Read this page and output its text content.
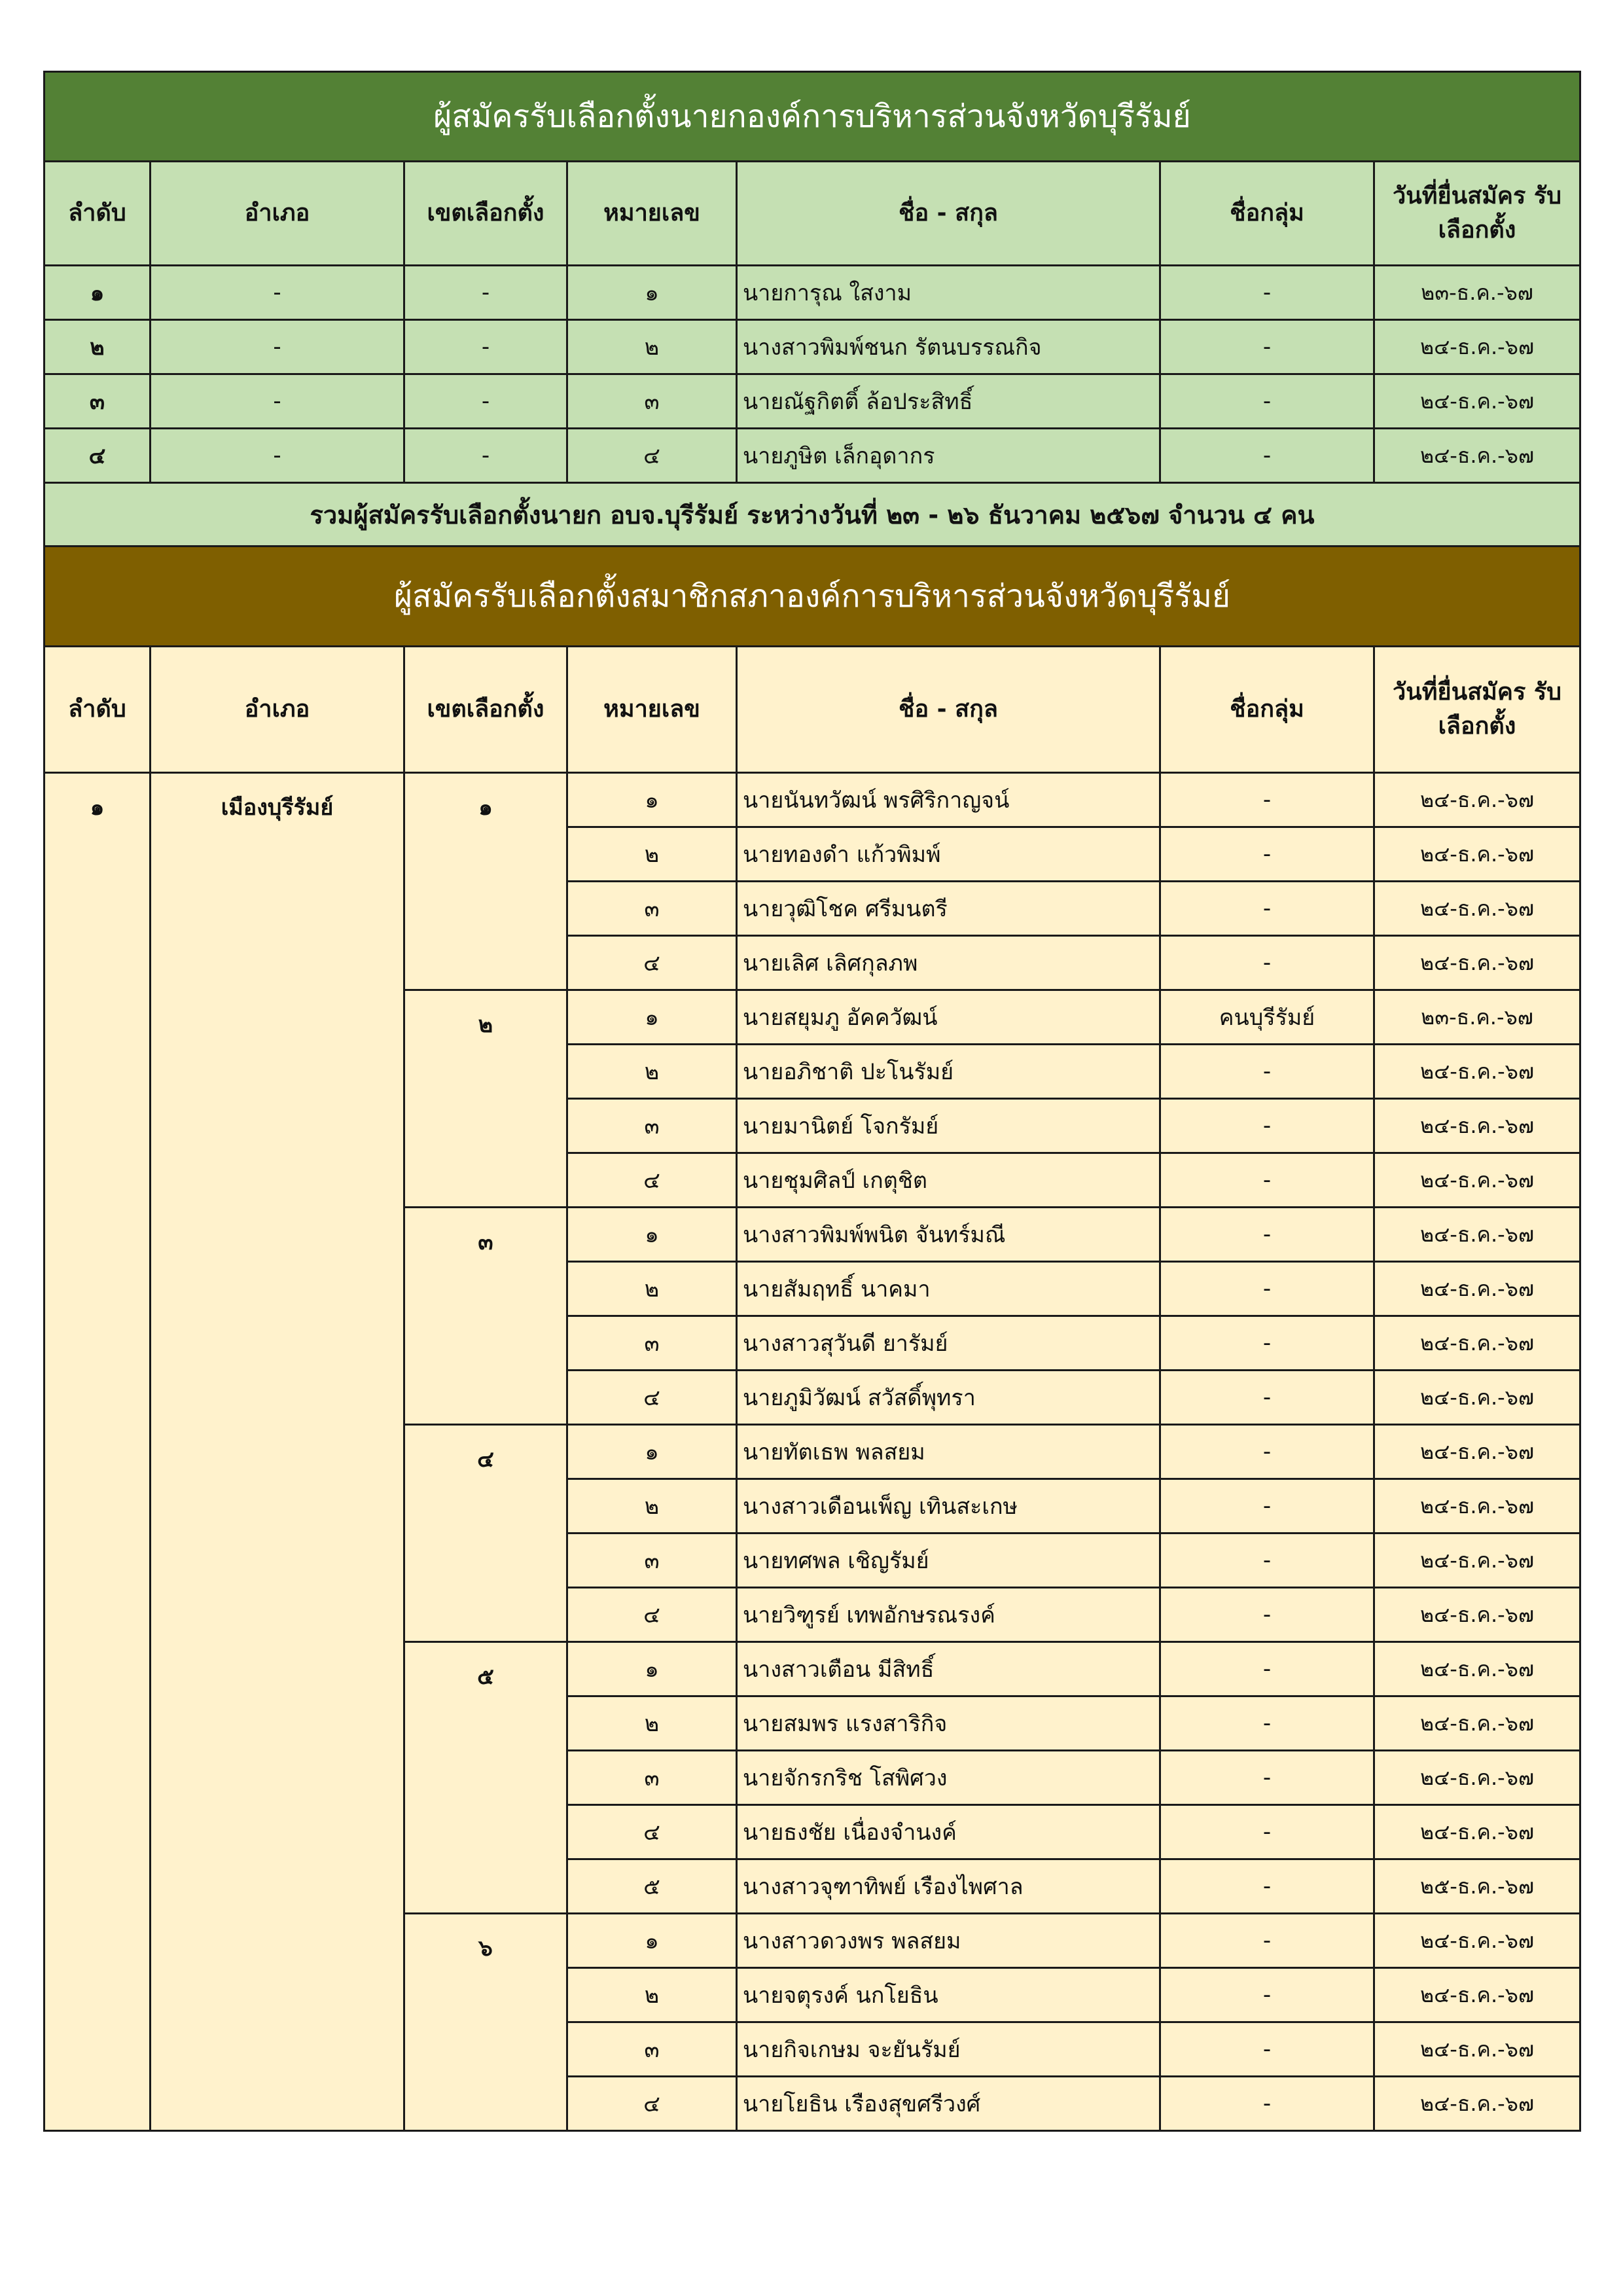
ผู้สมัครรับเลือกตั้งนายกองค์การบริหารส่วนจังหวัดบุรีรัมย์						
ลำดับ	อำเภอ	เขตเลือกตั้ง	หมายเลข	ชื่อ - สกุล	ชื่อกลุ่ม	วันที่ยื่นสมัคร รับเลือกตั้ง
๑	-	-	๑	นายการุณ ใสงาม	-	๒๓-ธ.ค.-๖๗
๒	-	-	๒	นางสาวพิมพ์ชนก รัตนบรรณกิจ	-	๒๔-ธ.ค.-๖๗
๓	-	-	๓	นายณัฐกิตติ์ ล้อประสิทธิ์	-	๒๔-ธ.ค.-๖๗
๔	-	-	๔	นายภูษิต เล็กอุดากร	-	๒๔-ธ.ค.-๖๗
รวมผู้สมัครรับเลือกตั้งนายก อบจ.บุรีรัมย์ ระหว่างวันที่ ๒๓ - ๒๖ ธันวาคม ๒๕๖๗ จำนวน ๔ คน						
ผู้สมัครรับเลือกตั้งสมาชิกสภาองค์การบริหารส่วนจังหวัดบุรีรัมย์						
ลำดับ	อำเภอ	เขตเลือกตั้ง	หมายเลข	ชื่อ - สกุล	ชื่อกลุ่ม	วันที่ยื่นสมัคร รับเลือกตั้ง
๑	เมืองบุรีรัมย์	๑	๑	นายนันทวัฒน์ พรศิริกาญจน์	-	๒๔-ธ.ค.-๖๗
			๒	นายทองดำ แก้วพิมพ์	-	๒๔-ธ.ค.-๖๗
			๓	นายวุฒิโชค ศรีมนตรี	-	๒๔-ธ.ค.-๖๗
			๔	นายเลิศ เลิศกุลภพ	-	๒๔-ธ.ค.-๖๗
		๒	๑	นายสยุมภู อัคควัฒน์	คนบุรีรัมย์	๒๓-ธ.ค.-๖๗
			๒	นายอภิชาติ ปะโนรัมย์	-	๒๔-ธ.ค.-๖๗
			๓	นายมานิตย์ โจกรัมย์	-	๒๔-ธ.ค.-๖๗
			๔	นายชุมศิลป์ เกตุชิต	-	๒๔-ธ.ค.-๖๗
		๓	๑	นางสาวพิมพ์พนิต จันทร์มณี	-	๒๔-ธ.ค.-๖๗
			๒	นายสัมฤทธิ์ นาคมา	-	๒๔-ธ.ค.-๖๗
			๓	นางสาวสุวันดี ยารัมย์	-	๒๔-ธ.ค.-๖๗
			๔	นายภูมิวัฒน์ สวัสดิ์พุทรา	-	๒๔-ธ.ค.-๖๗
		๔	๑	นายทัตเธพ พลสยม	-	๒๔-ธ.ค.-๖๗
			๒	นางสาวเดือนเพ็ญ เทินสะเกษ	-	๒๔-ธ.ค.-๖๗
			๓	นายทศพล เชิญรัมย์	-	๒๔-ธ.ค.-๖๗
			๔	นายวิฑูรย์ เทพอักษรณรงค์	-	๒๔-ธ.ค.-๖๗
		๕	๑	นางสาวเตือน มีสิทธิ์	-	๒๔-ธ.ค.-๖๗
			๒	นายสมพร แรงสาริกิจ	-	๒๔-ธ.ค.-๖๗
			๓	นายจักรกริช โสพิศวง	-	๒๔-ธ.ค.-๖๗
			๔	นายธงชัย เนื่องจำนงค์	-	๒๔-ธ.ค.-๖๗
			๕	นางสาวจุฑาทิพย์ เรืองไพศาล	-	๒๕-ธ.ค.-๖๗
		๖	๑	นางสาวดวงพร พลสยม	-	๒๔-ธ.ค.-๖๗
			๒	นายจตุรงค์ นกโยธิน	-	๒๔-ธ.ค.-๖๗
			๓	นายกิจเกษม จะยันรัมย์	-	๒๔-ธ.ค.-๖๗
			๔	นายโยธิน เรืองสุขศรีวงศ์	-	๒๔-ธ.ค.-๖๗
